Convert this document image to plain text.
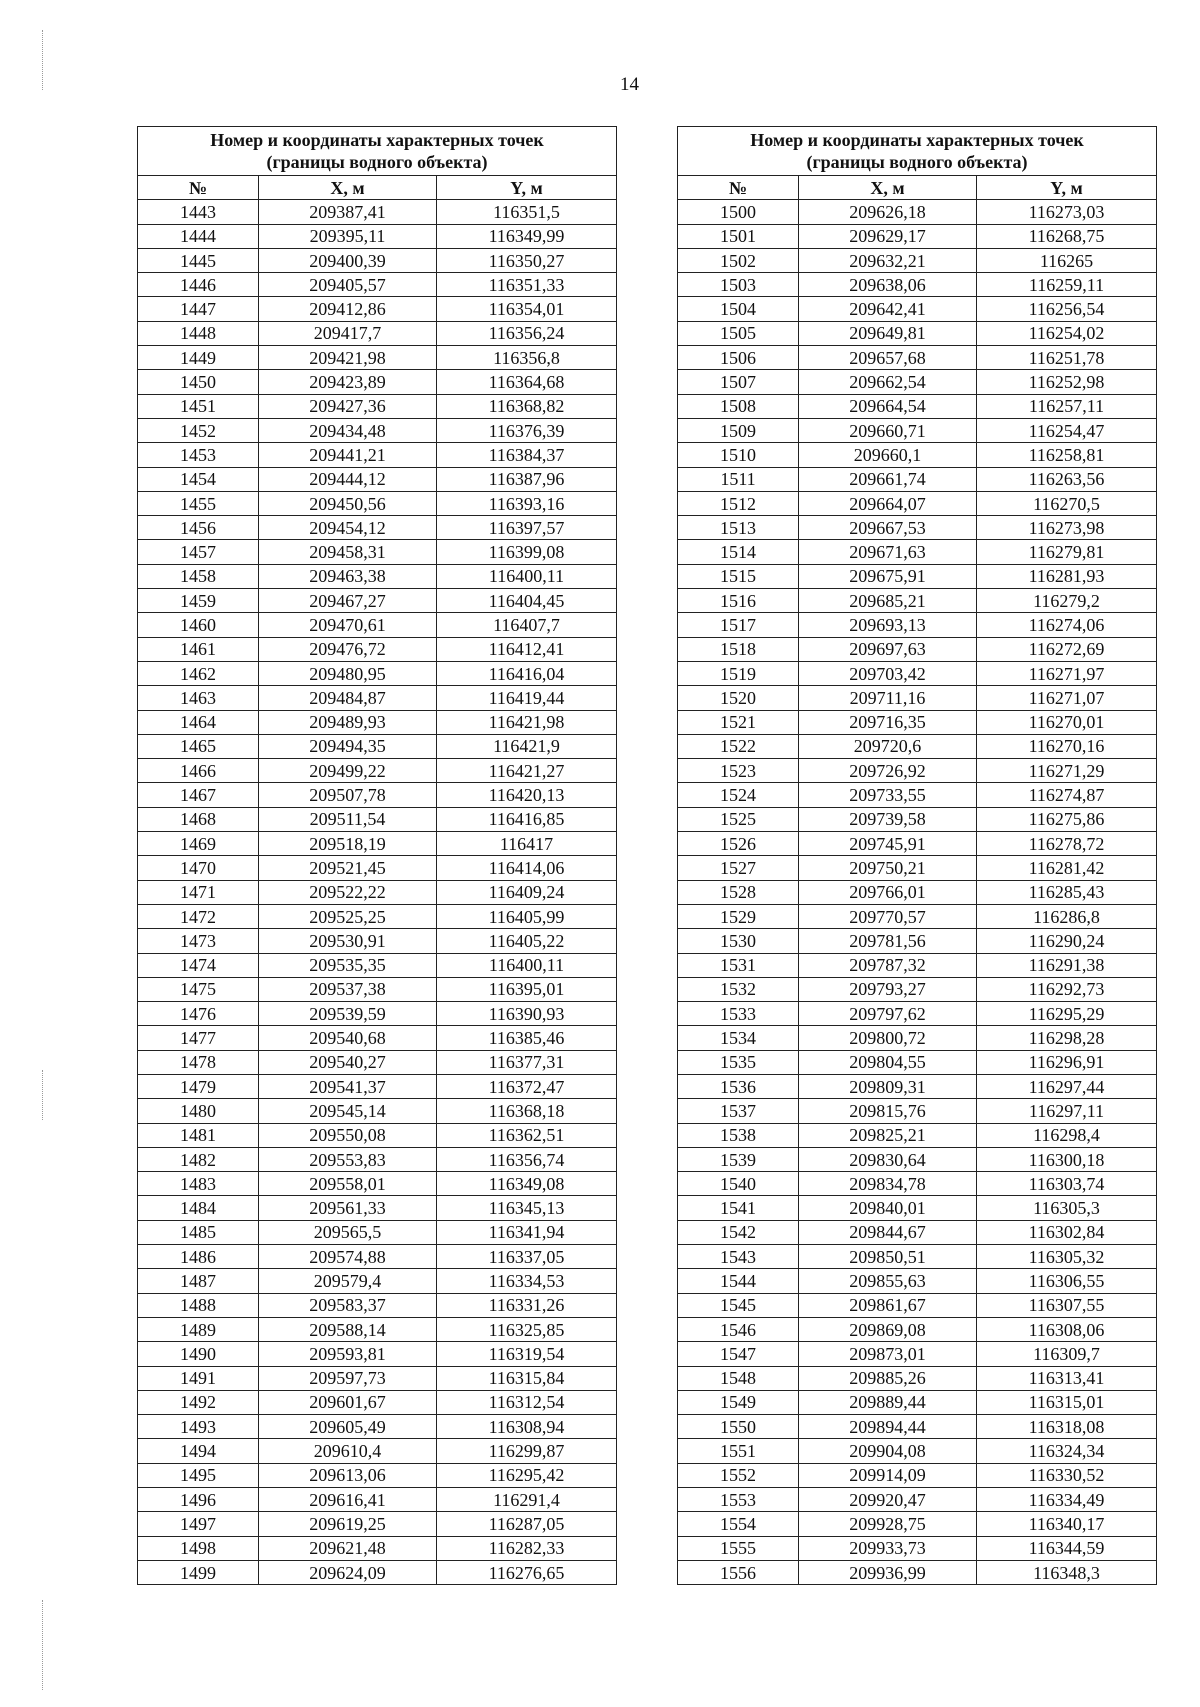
14
Номер и координаты характерных точек
(границы водного объекта)		

№	X, м	Y, м
1443	209387,41	116351,5
1444	209395,11	116349,99
1445	209400,39	116350,27
1446	209405,57	116351,33
1447	209412,86	116354,01
1448	209417,7	116356,24
1449	209421,98	116356,8
1450	209423,89	116364,68
1451	209427,36	116368,82
1452	209434,48	116376,39
1453	209441,21	116384,37
1454	209444,12	116387,96
1455	209450,56	116393,16
1456	209454,12	116397,57
1457	209458,31	116399,08
1458	209463,38	116400,11
1459	209467,27	116404,45
1460	209470,61	116407,7
1461	209476,72	116412,41
1462	209480,95	116416,04
1463	209484,87	116419,44
1464	209489,93	116421,98
1465	209494,35	116421,9
1466	209499,22	116421,27
1467	209507,78	116420,13
1468	209511,54	116416,85
1469	209518,19	116417
1470	209521,45	116414,06
1471	209522,22	116409,24
1472	209525,25	116405,99
1473	209530,91	116405,22
1474	209535,35	116400,11
1475	209537,38	116395,01
1476	209539,59	116390,93
1477	209540,68	116385,46
1478	209540,27	116377,31
1479	209541,37	116372,47
1480	209545,14	116368,18
1481	209550,08	116362,51
1482	209553,83	116356,74
1483	209558,01	116349,08
1484	209561,33	116345,13
1485	209565,5	116341,94
1486	209574,88	116337,05
1487	209579,4	116334,53
1488	209583,37	116331,26
1489	209588,14	116325,85
1490	209593,81	116319,54
1491	209597,73	116315,84
1492	209601,67	116312,54
1493	209605,49	116308,94
1494	209610,4	116299,87
1495	209613,06	116295,42
1496	209616,41	116291,4
1497	209619,25	116287,05
1498	209621,48	116282,33
1499	209624,09	116276,65
Номер и координаты характерных точек
(границы водного объекта)		

№	X, м	Y, м
1500	209626,18	116273,03
1501	209629,17	116268,75
1502	209632,21	116265
1503	209638,06	116259,11
1504	209642,41	116256,54
1505	209649,81	116254,02
1506	209657,68	116251,78
1507	209662,54	116252,98
1508	209664,54	116257,11
1509	209660,71	116254,47
1510	209660,1	116258,81
1511	209661,74	116263,56
1512	209664,07	116270,5
1513	209667,53	116273,98
1514	209671,63	116279,81
1515	209675,91	116281,93
1516	209685,21	116279,2
1517	209693,13	116274,06
1518	209697,63	116272,69
1519	209703,42	116271,97
1520	209711,16	116271,07
1521	209716,35	116270,01
1522	209720,6	116270,16
1523	209726,92	116271,29
1524	209733,55	116274,87
1525	209739,58	116275,86
1526	209745,91	116278,72
1527	209750,21	116281,42
1528	209766,01	116285,43
1529	209770,57	116286,8
1530	209781,56	116290,24
1531	209787,32	116291,38
1532	209793,27	116292,73
1533	209797,62	116295,29
1534	209800,72	116298,28
1535	209804,55	116296,91
1536	209809,31	116297,44
1537	209815,76	116297,11
1538	209825,21	116298,4
1539	209830,64	116300,18
1540	209834,78	116303,74
1541	209840,01	116305,3
1542	209844,67	116302,84
1543	209850,51	116305,32
1544	209855,63	116306,55
1545	209861,67	116307,55
1546	209869,08	116308,06
1547	209873,01	116309,7
1548	209885,26	116313,41
1549	209889,44	116315,01
1550	209894,44	116318,08
1551	209904,08	116324,34
1552	209914,09	116330,52
1553	209920,47	116334,49
1554	209928,75	116340,17
1555	209933,73	116344,59
1556	209936,99	116348,3
